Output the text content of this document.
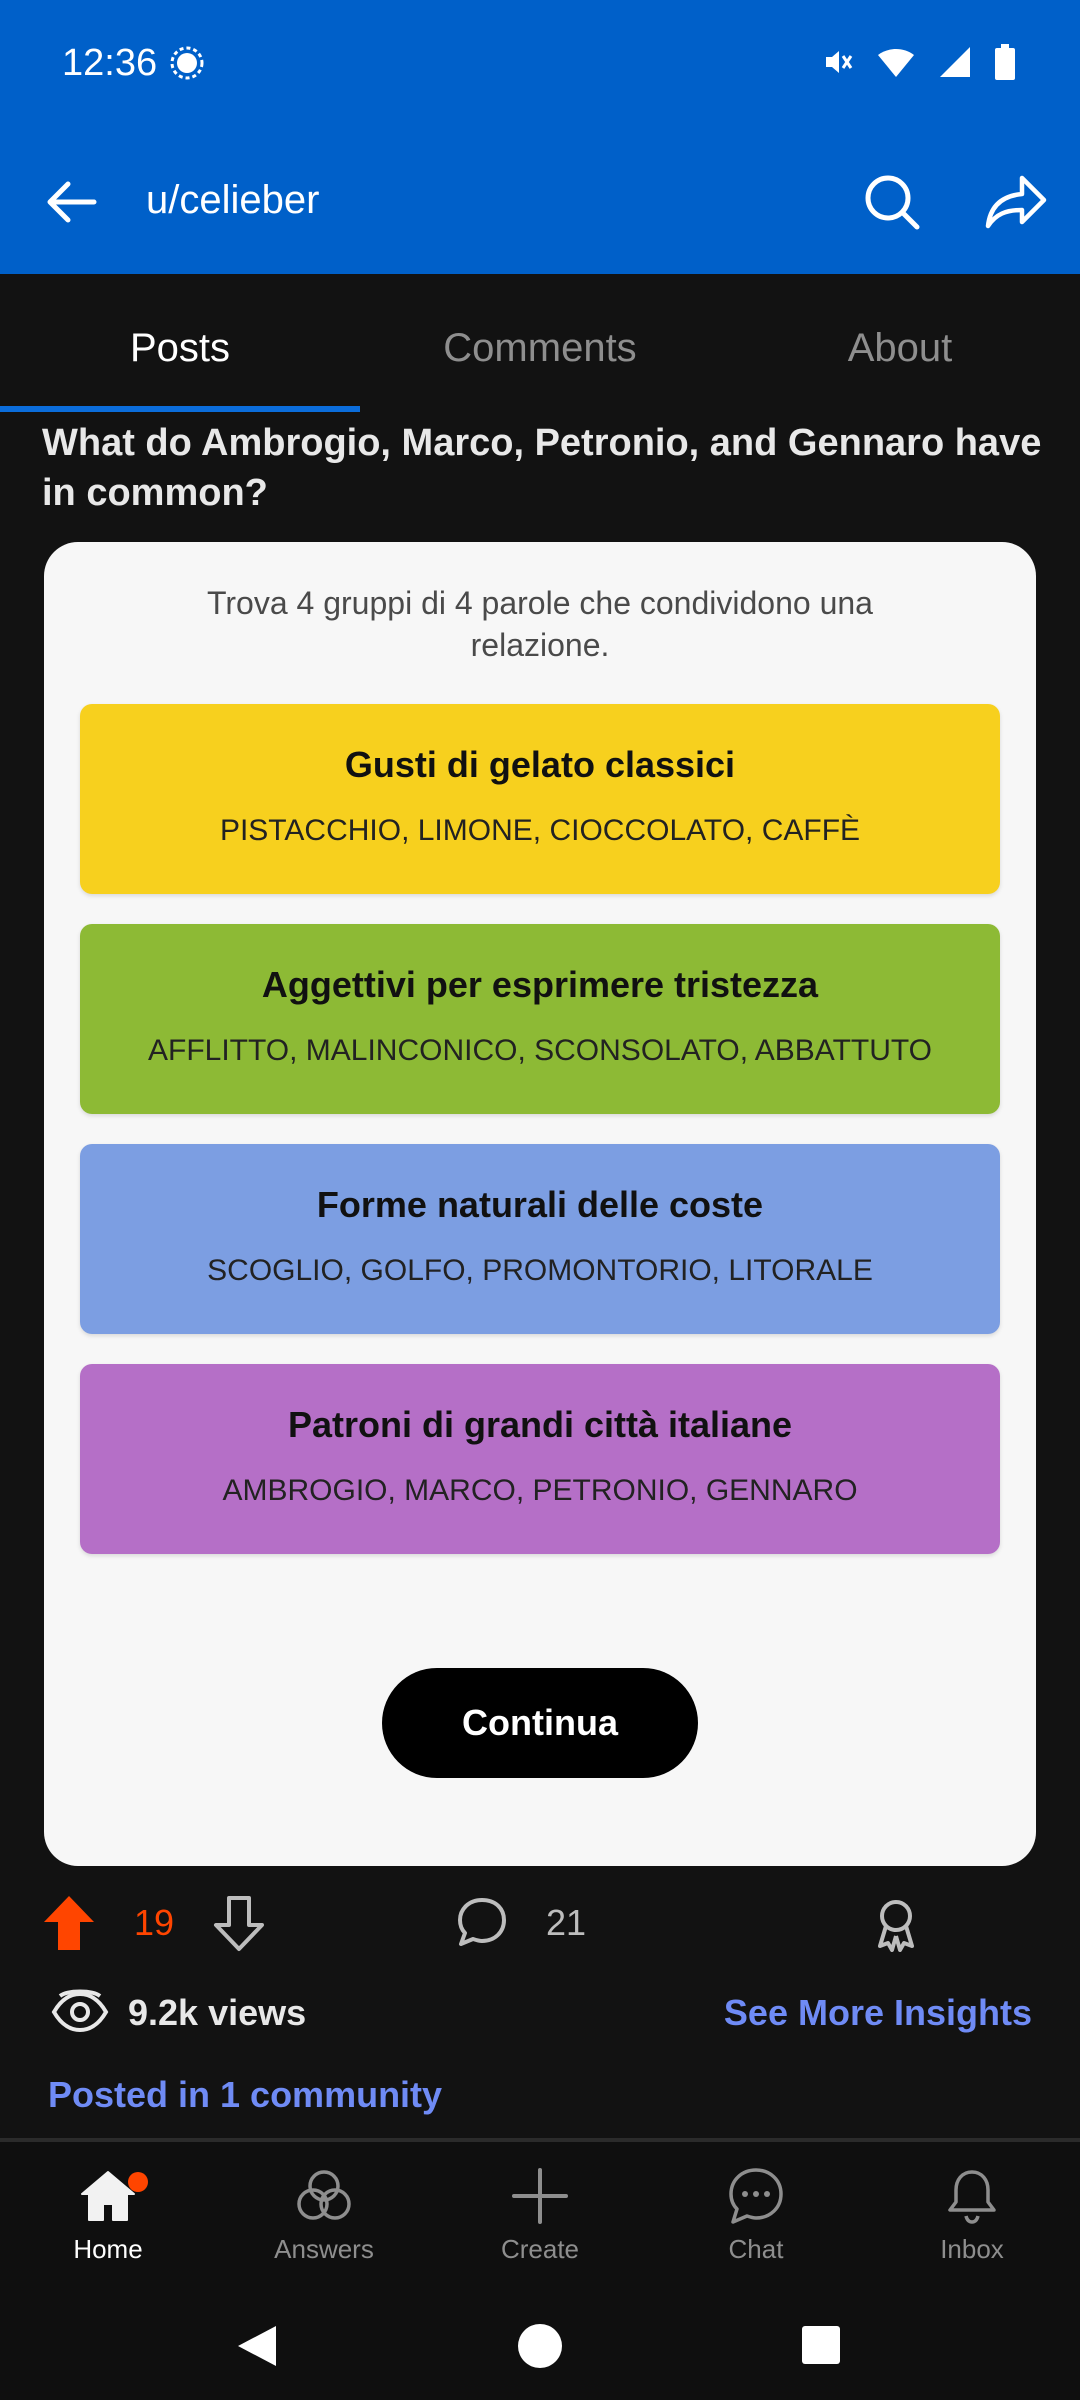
12:36
u/celieber
Posts	Comments	About
What do Ambrogio, Marco, Petronio, and Gennaro have in common?
Trova 4 gruppi di 4 parole che condividono una relazione.
Gusti di gelato classici
PISTACCHIO, LIMONE, CIOCCOLATO, CAFFÈ
Aggettivi per esprimere tristezza
AFFLITTO, MALINCONICO, SCONSOLATO, ABBATTUTO
Forme naturali delle coste
SCOGLIO, GOLFO, PROMONTORIO, LITORALE
Patroni di grandi città italiane
AMBROGIO, MARCO, PETRONIO, GENNARO
Continua
19	21
9.2k views	See More Insights
Posted in 1 community
Home	Answers	Create	Chat	Inbox
